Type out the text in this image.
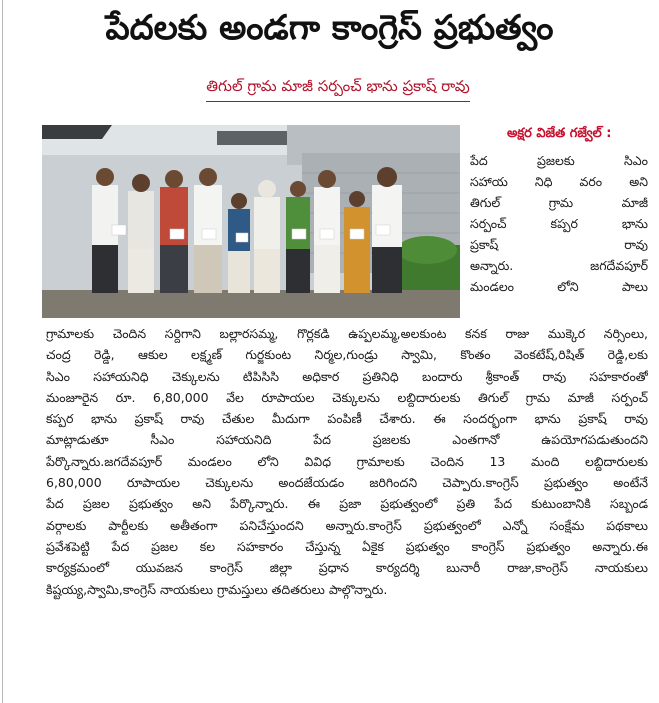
పేదలకు అండగా కాంగ్రెస్ ప్రభుత్వం
తిగుల్ గ్రామ మాజీ సర్పంచ్ భాను ప్రకాష్ రావు
అక్షర విజేత గజ్వేల్ :
పేద ప్రజలకు సిఎం
సహాయ నిధి వరం అని
తిగుల్ గ్రామ మాజీ
సర్పంచ్ కప్పర భాను
ప్రకాష్ రావు
అన్నారు. జగదేవపూర్
మండలం లోని పాలు
గ్రామాలకు చెందిన సర్దిగాని బల్లారసమ్మ, గొర్లకడి ఉప్పలమ్మ,అలకుంట కనక రాజు ముక్కెర నర్సింలు,
చంద్ర రెడ్డి, ఆకుల లక్ష్మణ్ గుర్జకుంట నిర్మల,గుండ్రు స్వామి, కొంతం వెంకటేష్,రిషిత్ రెడ్డి,లకు
సిఎం సహాయనిధి చెక్కులను టిపిసిసి అధికార ప్రతినిధి బందారు శ్రీకాంత్ రావు సహకారంతో
మంజూరైన రూ. 6,80,000 వేల రూపాయల చెక్కులను లబ్దిదారులకు తిగుల్ గ్రామ మాజీ సర్పంచ్
కప్పర భాను ప్రకాష్ రావు చేతుల మీదుగా పంపిణీ చేశారు. ఈ సందర్భంగా భాను ప్రకాష్ రావు
మాట్లాడుతూ సీఎం సహాయనిది పేద ప్రజలకు ఎంతగానో ఉపయోగపడుతుందని
పేర్కొన్నారు.జగదేవపూర్ మండలం లోని వివిధ గ్రామాలకు చెందిన 13 మంది లబ్దిదారులకు
6,80,000 రూపాయల చెక్కులను అందజేయడం జరిగిందని చెప్పారు.కాంగ్రెస్ ప్రభుత్వం అంటేనే
పేద ప్రజల ప్రభుత్వం అని పేర్కొన్నారు. ఈ ప్రజా ప్రభుత్వంలో ప్రతి పేద కుటుంబానికి సబ్బండ
వర్గాలకు పార్టీలకు అతీతంగా పనిచేస్తుందని అన్నారు.కాంగ్రెస్ ప్రభుత్వంలో ఎన్నో సంక్షేమ పథకాలు
ప్రవేశపెట్టి పేద ప్రజల కల సహకారం చేస్తున్న ఏకైక ప్రభుత్వం కాంగ్రెస్ ప్రభుత్వం అన్నారు.ఈ
కార్యక్రమంలో యువజన కాంగ్రెస్ జిల్లా ప్రధాన కార్యదర్శి బునారీ రాజు,కాంగ్రెస్ నాయకులు
కిష్టయ్య,స్వామి,కాంగ్రెస్ నాయకులు గ్రామస్తులు తదితరులు పాల్గొన్నారు.
